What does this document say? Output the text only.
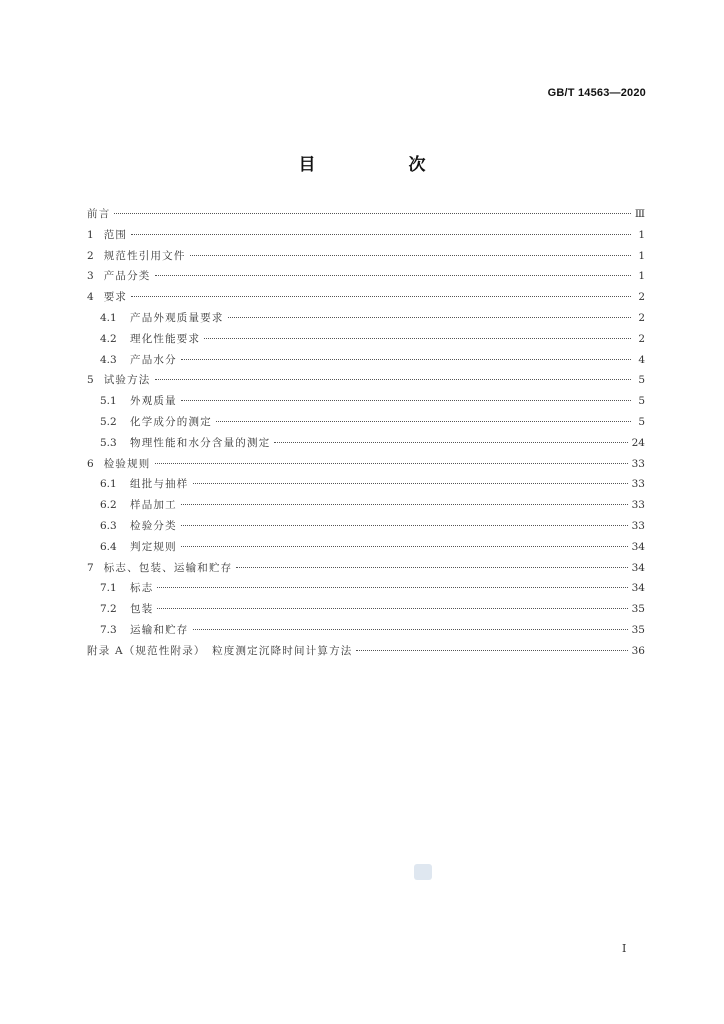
GB/T 14563—2020
目　次
前言	Ⅲ
1 范围	1
2 规范性引用文件	1
3 产品分类	1
4 要求	2
4.1	产品外观质量要求	2
4.2	理化性能要求	2
4.3	产品水分	4
5 试验方法	5
5.1	外观质量	5
5.2	化学成分的测定	5
5.3	物理性能和水分含量的测定	24
6 检验规则	33
6.1	组批与抽样	33
6.2	样品加工	33
6.3	检验分类	33
6.4	判定规则	34
7 标志、包装、运输和贮存	34
7.1	标志	34
7.2	包装	35
7.3	运输和贮存	35
附录 A（规范性附录）　粒度测定沉降时间计算方法	36
I
